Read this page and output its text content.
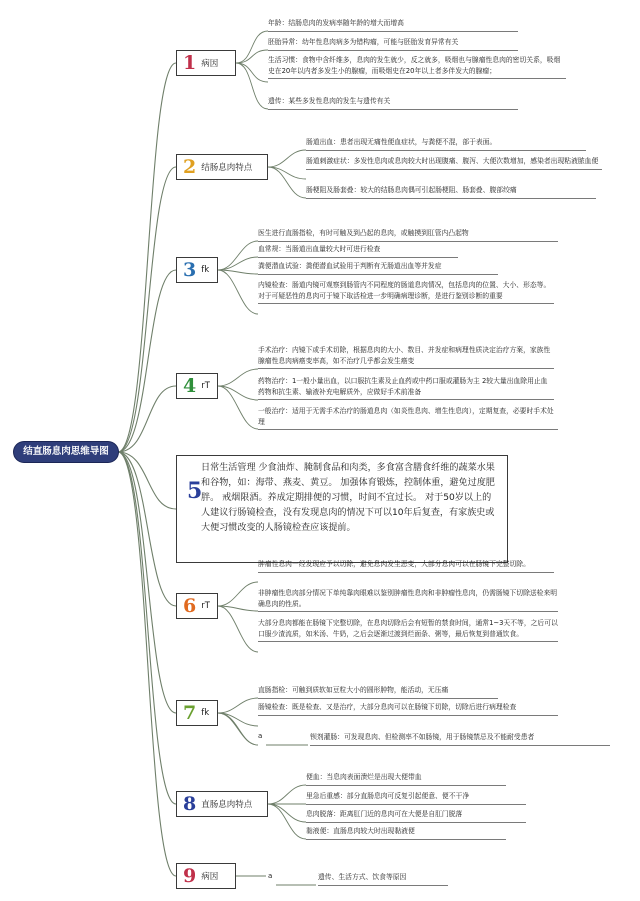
结直肠息肉思维导图
1 病因
年龄：结肠息肉的发病率随年龄的增大而增高
胚胎异常：幼年性息肉病多为错构瘤，可能与胚胎发育异常有关
生活习惯：食物中含纤维多，息肉的发生就少，反之就多，吸烟也与腺瘤性息肉的密切关系，吸烟史在20年以内者多发生小的腺瘤，而吸烟史在20年以上者多伴发大的腺瘤；
遗传：某些多发性息肉的发生与遗传有关
2 结肠息肉特点
肠道出血：患者出现无痛性便血症状，与粪便不混，部于表面。
肠道刺激症状：多发性息肉或息肉较大时出现腹痛、腹泻、大便次数增加，感染者出现粘液脓血便
肠梗阻及肠套叠：较大的结肠息肉偶可引起肠梗阻、肠套叠、腹部绞痛
3 fk
医生进行直肠指检，有时可触及到凸起的息肉，或触摸到肛管内凸起物
血常规：当肠道出血量较大时可进行检查
粪便潜血试验：粪便潜血试验用于判断有无肠道出血等并发症
内镜检查：肠道内镜可观察到肠管内不同程度的肠道息肉情况，包括息肉的位置、大小、形态等。对于可疑恶性的息肉可于镜下取活检进一步明确病理诊断，是进行鉴别诊断的重要
4 rT
手术治疗：内镜下或手术切除，根据息肉的大小、数目、并发症和病理性质决定治疗方案，家族性腺瘤性息肉病癌变率高，如不治疗几乎都会发生癌变
药物治疗：1一般小量出血，以口服抗生素及止血药或中药口服或灌肠为主 2较大量出血除用止血药物和抗生素、输液补充电解质外，应做好手术前准备
一般治疗：适用于无需手术治疗的肠道息肉（如炎性息肉、增生性息肉），定期复查，必要时手术处理
5
日常生活管理 少食油炸、腌制食品和肉类，多食富含膳食纤维的蔬菜水果和谷物，如：海带、燕麦、黄豆。 加强体育锻炼，控制体重，避免过度肥胖。 戒烟限酒。养成定期排便的习惯，时间不宜过长。 对于50岁以上的人建议行肠镜检查，没有发现息肉的情况下可以10年后复查，有家族史或大便习惯改变的人肠镜检查应该提前。
6 rT
肿瘤性息肉一经发现应予以切除，避免息肉发生恶变，大部分息肉可以在肠镜下完整切除。
非肿瘤性息肉部分情况下单纯靠肉眼难以鉴别肿瘤性息肉和非肿瘤性息肉，仍需肠镜下切除送检来明确息肉的性质。
大部分息肉都能在肠镜下完整切除，在息肉切除后会有短暂的禁食时间，通常1~3天不等，之后可以口服少渣流质，如米汤、牛奶，之后会逐渐过渡到烂面条、粥等，最后恢复到普通饮食。
7 fk
直肠指检：可触到质软如豆粒大小的圆形肿物，能活动，无压痛
肠镜检查：既是检查、又是治疗，大部分息肉可以在肠镜下切除，切除后进行病理检查
a	钡剂灌肠：可发现息肉、但检测率不如肠镜，用于肠镜禁忌及不能耐受患者
8 直肠息肉特点
便血：当息肉表面溃烂是出现大便带血
里急后重感：部分直肠息肉可反复引起便意、便不干净
息肉脱落：距离肛门近的息肉可在大便是自肛门脱落
黏液便：直肠息肉较大时出现黏液便
9 病因	a	遗传、生活方式、饮食等原因
